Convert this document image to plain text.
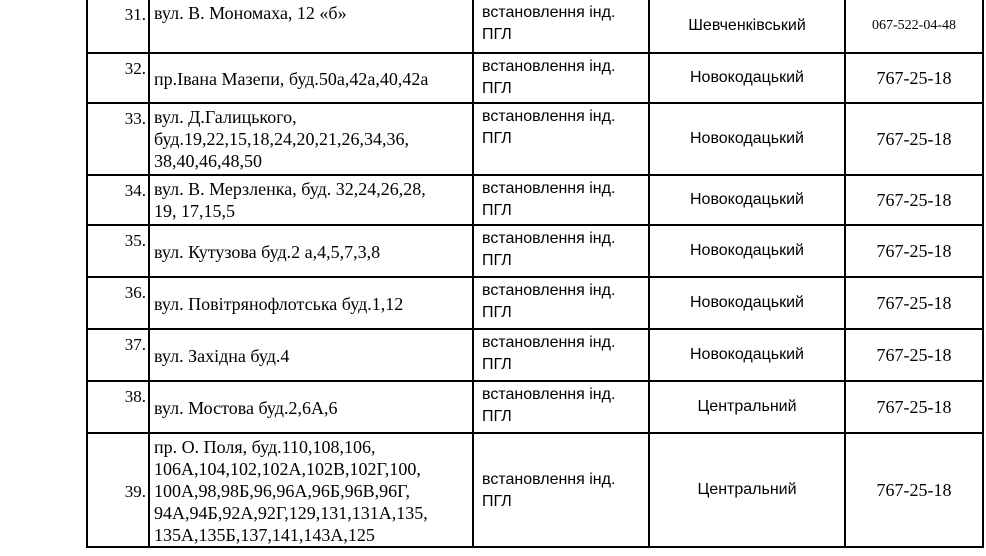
31.	вул. В. Мономаха, 12 «б»	встановлення інд.
ПГЛ	Шевченківський	067-522-04-48

32.	пр.Івана Мазепи, буд.50а,42а,40,42а	встановлення інд.
ПГЛ	Новокодацький	767-25-18

33.	вул. Д.Галицького,
буд.19,22,15,18,24,20,21,26,34,36,
38,40,46,48,50	встановлення інд.
ПГЛ	Новокодацький	767-25-18

34.	вул. В. Мерзленка, буд. 32,24,26,28,
19, 17,15,5	встановлення інд.
ПГЛ	Новокодацький	767-25-18

35.	вул. Кутузова буд.2 а,4,5,7,3,8	встановлення інд.
ПГЛ	Новокодацький	767-25-18

36.	вул. Повітрянофлотська буд.1,12	встановлення інд.
ПГЛ	Новокодацький	767-25-18

37.	вул. Західна буд.4	встановлення інд.
ПГЛ	Новокодацький	767-25-18

38.	вул. Мостова буд.2,6А,6	встановлення інд.
ПГЛ	Центральний	767-25-18

39.	пр. О. Поля, буд.110,108,106,
106А,104,102,102А,102В,102Г,100,
100А,98,98Б,96,96А,96Б,96В,96Г,
94А,94Б,92А,92Г,129,131,131А,135,
135А,135Б,137,141,143А,125	встановлення інд.
ПГЛ	Центральний	767-25-18
